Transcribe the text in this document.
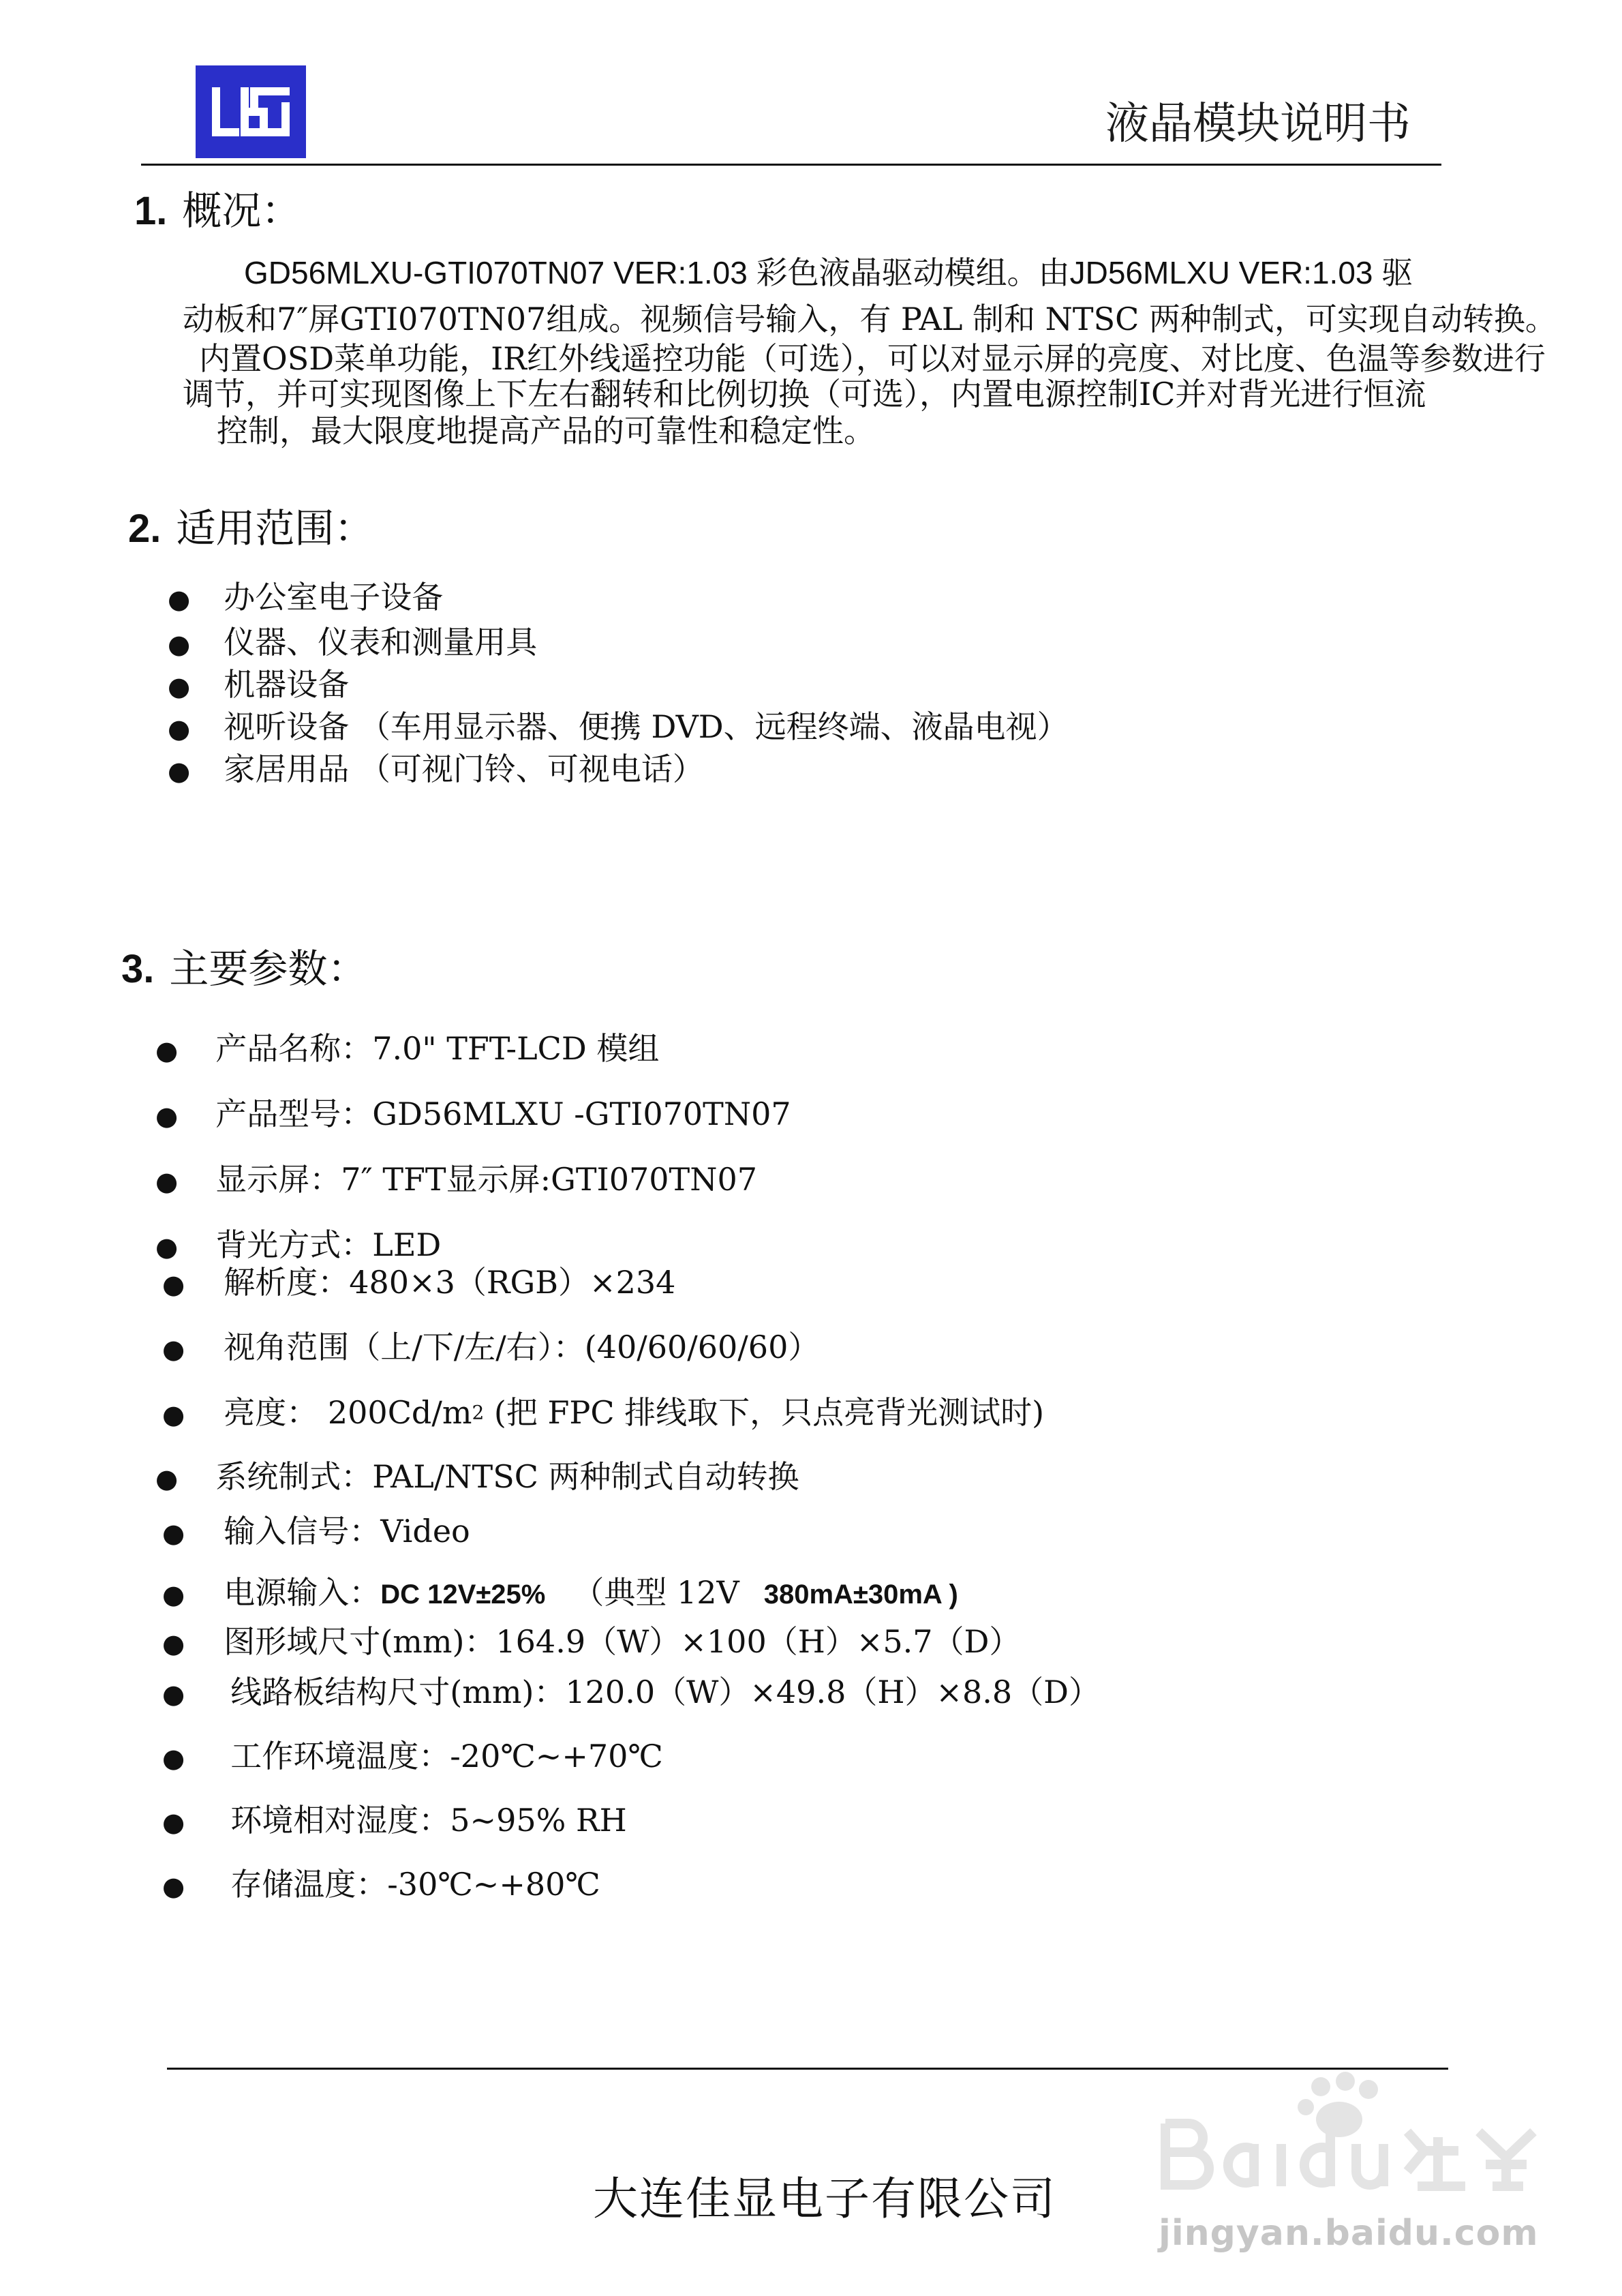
液晶模块说明书
1. 概况：
GD56MLXU-GTI070TN07 VER:1.03 彩色液晶驱动模组。由JD56MLXU VER:1.03 驱
动板和7″屏GTI070TN07组成。视频信号输入，有 PAL 制和 NTSC 两种制式，可实现自动转换。
内置OSD菜单功能，IR红外线遥控功能（可选），可以对显示屏的亮度、对比度、色温等参数进行
调节，并可实现图像上下左右翻转和比例切换（可选），内置电源控制IC并对背光进行恒流
控制，最大限度地提高产品的可靠性和稳定性。
2. 适用范围：
● 办公室电子设备
● 仪器、仪表和测量用具
● 机器设备
● 视听设备 （车用显示器、便携 DVD、远程终端、液晶电视）
● 家居用品 （可视门铃、可视电话）
3. 主要参数：
● 产品名称：7.0" TFT-LCD 模组
● 产品型号：GD56MLXU -GTI070TN07
● 显示屏：7″ TFT显示屏:GTI070TN07
● 背光方式：LED
● 解析度：480×3（RGB）×234
● 视角范围（上/下/左/右）：(40/60/60/60）
● 亮度： $200Cd/m^2$ (把 FPC 排线取下，只点亮背光测试时)
● 系统制式：PAL/NTSC 两种制式自动转换
● 输入信号：Video
● 电源输入：DC 12V±25% （典型 12V 380mA±30mA )
● 图形域尺寸(mm)：164.9（W）×100（H）×5.7（D）
● 线路板结构尺寸(mm)：120.0（W）×49.8（H）×8.8（D）
● 工作环境温度：-20℃~+70℃
● 环境相对湿度：5~95% RH
● 存储温度：-30℃~+80℃
大连佳显电子有限公司
jingyan.baidu.com
